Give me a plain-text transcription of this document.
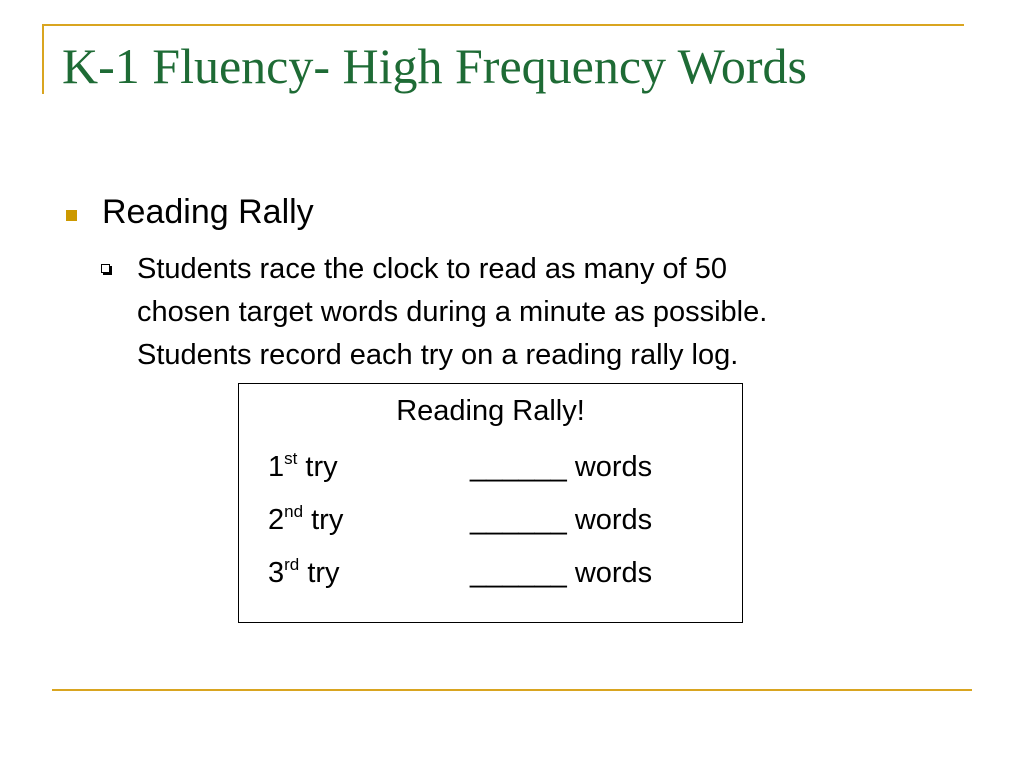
K-1 Fluency- High Frequency Words
Reading Rally
Students race the clock to read as many of 50
chosen target words during a minute as possible.
Students record each try on a reading rally log.
Reading Rally!
1st try	______ words
2nd try	______ words
3rd try	______ words
